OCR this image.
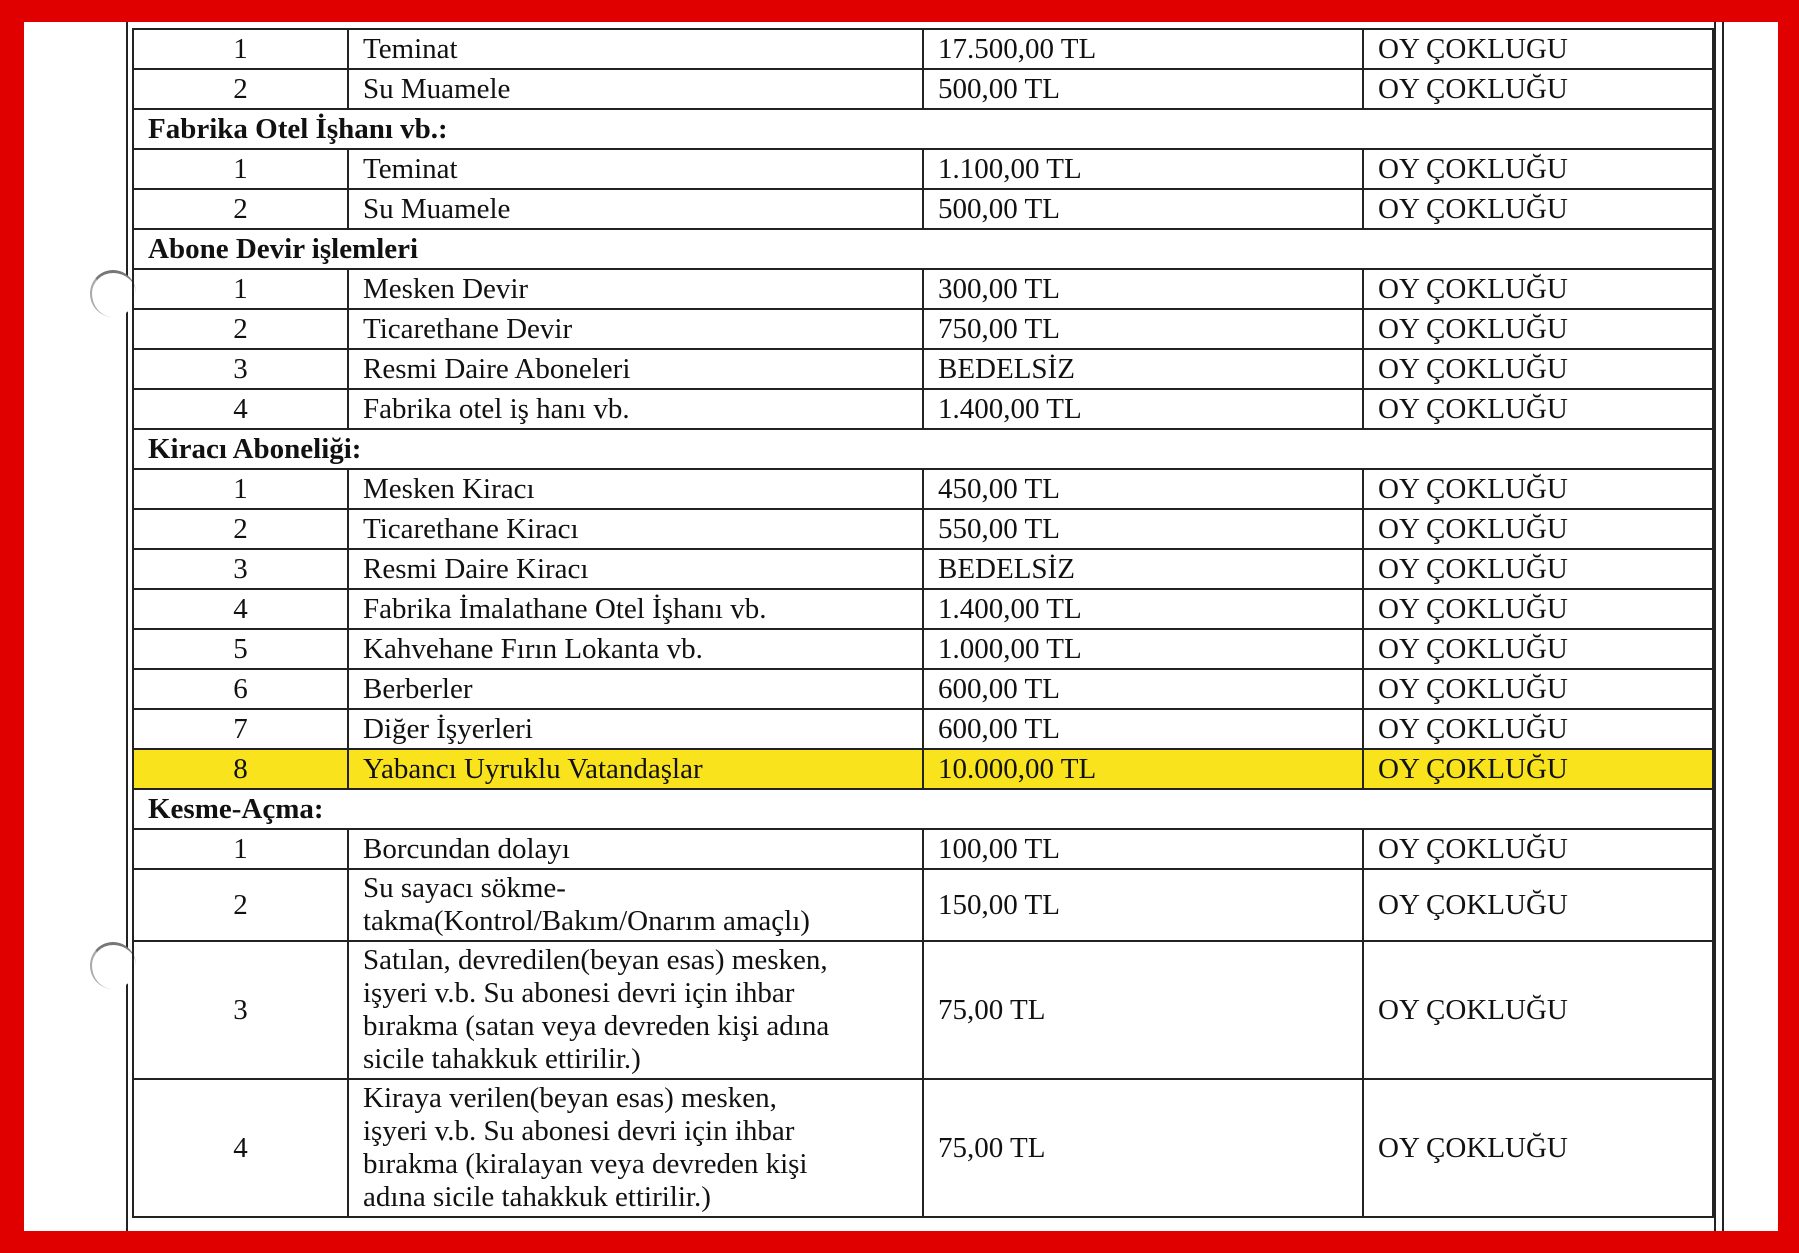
1	Teminat	17.500,00 TL	OY ÇOKLUGU
2	Su Muamele	500,00 TL	OY ÇOKLUĞU
Fabrika Otel İşhanı vb.:			
1	Teminat	1.100,00 TL	OY ÇOKLUĞU
2	Su Muamele	500,00 TL	OY ÇOKLUĞU
Abone Devir işlemleri			
1	Mesken Devir	300,00 TL	OY ÇOKLUĞU
2	Ticarethane Devir	750,00 TL	OY ÇOKLUĞU
3	Resmi Daire Aboneleri	BEDELSİZ	OY ÇOKLUĞU
4	Fabrika otel iş hanı vb.	1.400,00 TL	OY ÇOKLUĞU
Kiracı Aboneliği:			
1	Mesken Kiracı	450,00 TL	OY ÇOKLUĞU
2	Ticarethane Kiracı	550,00 TL	OY ÇOKLUĞU
3	Resmi Daire Kiracı	BEDELSİZ	OY ÇOKLUĞU
4	Fabrika İmalathane Otel İşhanı vb.	1.400,00 TL	OY ÇOKLUĞU
5	Kahvehane Fırın Lokanta vb.	1.000,00 TL	OY ÇOKLUĞU
6	Berberler	600,00 TL	OY ÇOKLUĞU
7	Diğer İşyerleri	600,00 TL	OY ÇOKLUĞU
8	Yabancı Uyruklu Vatandaşlar	10.000,00 TL	OY ÇOKLUĞU
Kesme-Açma:			
1	Borcundan dolayı	100,00 TL	OY ÇOKLUĞU
2	Su sayacı sökme-
takma(Kontrol/Bakım/Onarım amaçlı)	150,00 TL	OY ÇOKLUĞU
3	Satılan, devredilen(beyan esas) mesken,
işyeri v.b. Su abonesi devri için ihbar
bırakma (satan veya devreden kişi adına
sicile tahakkuk ettirilir.)	75,00 TL	OY ÇOKLUĞU
4	Kiraya verilen(beyan esas) mesken,
işyeri v.b. Su abonesi devri için ihbar
bırakma (kiralayan veya devreden kişi
adına sicile tahakkuk ettirilir.)	75,00 TL	OY ÇOKLUĞU
